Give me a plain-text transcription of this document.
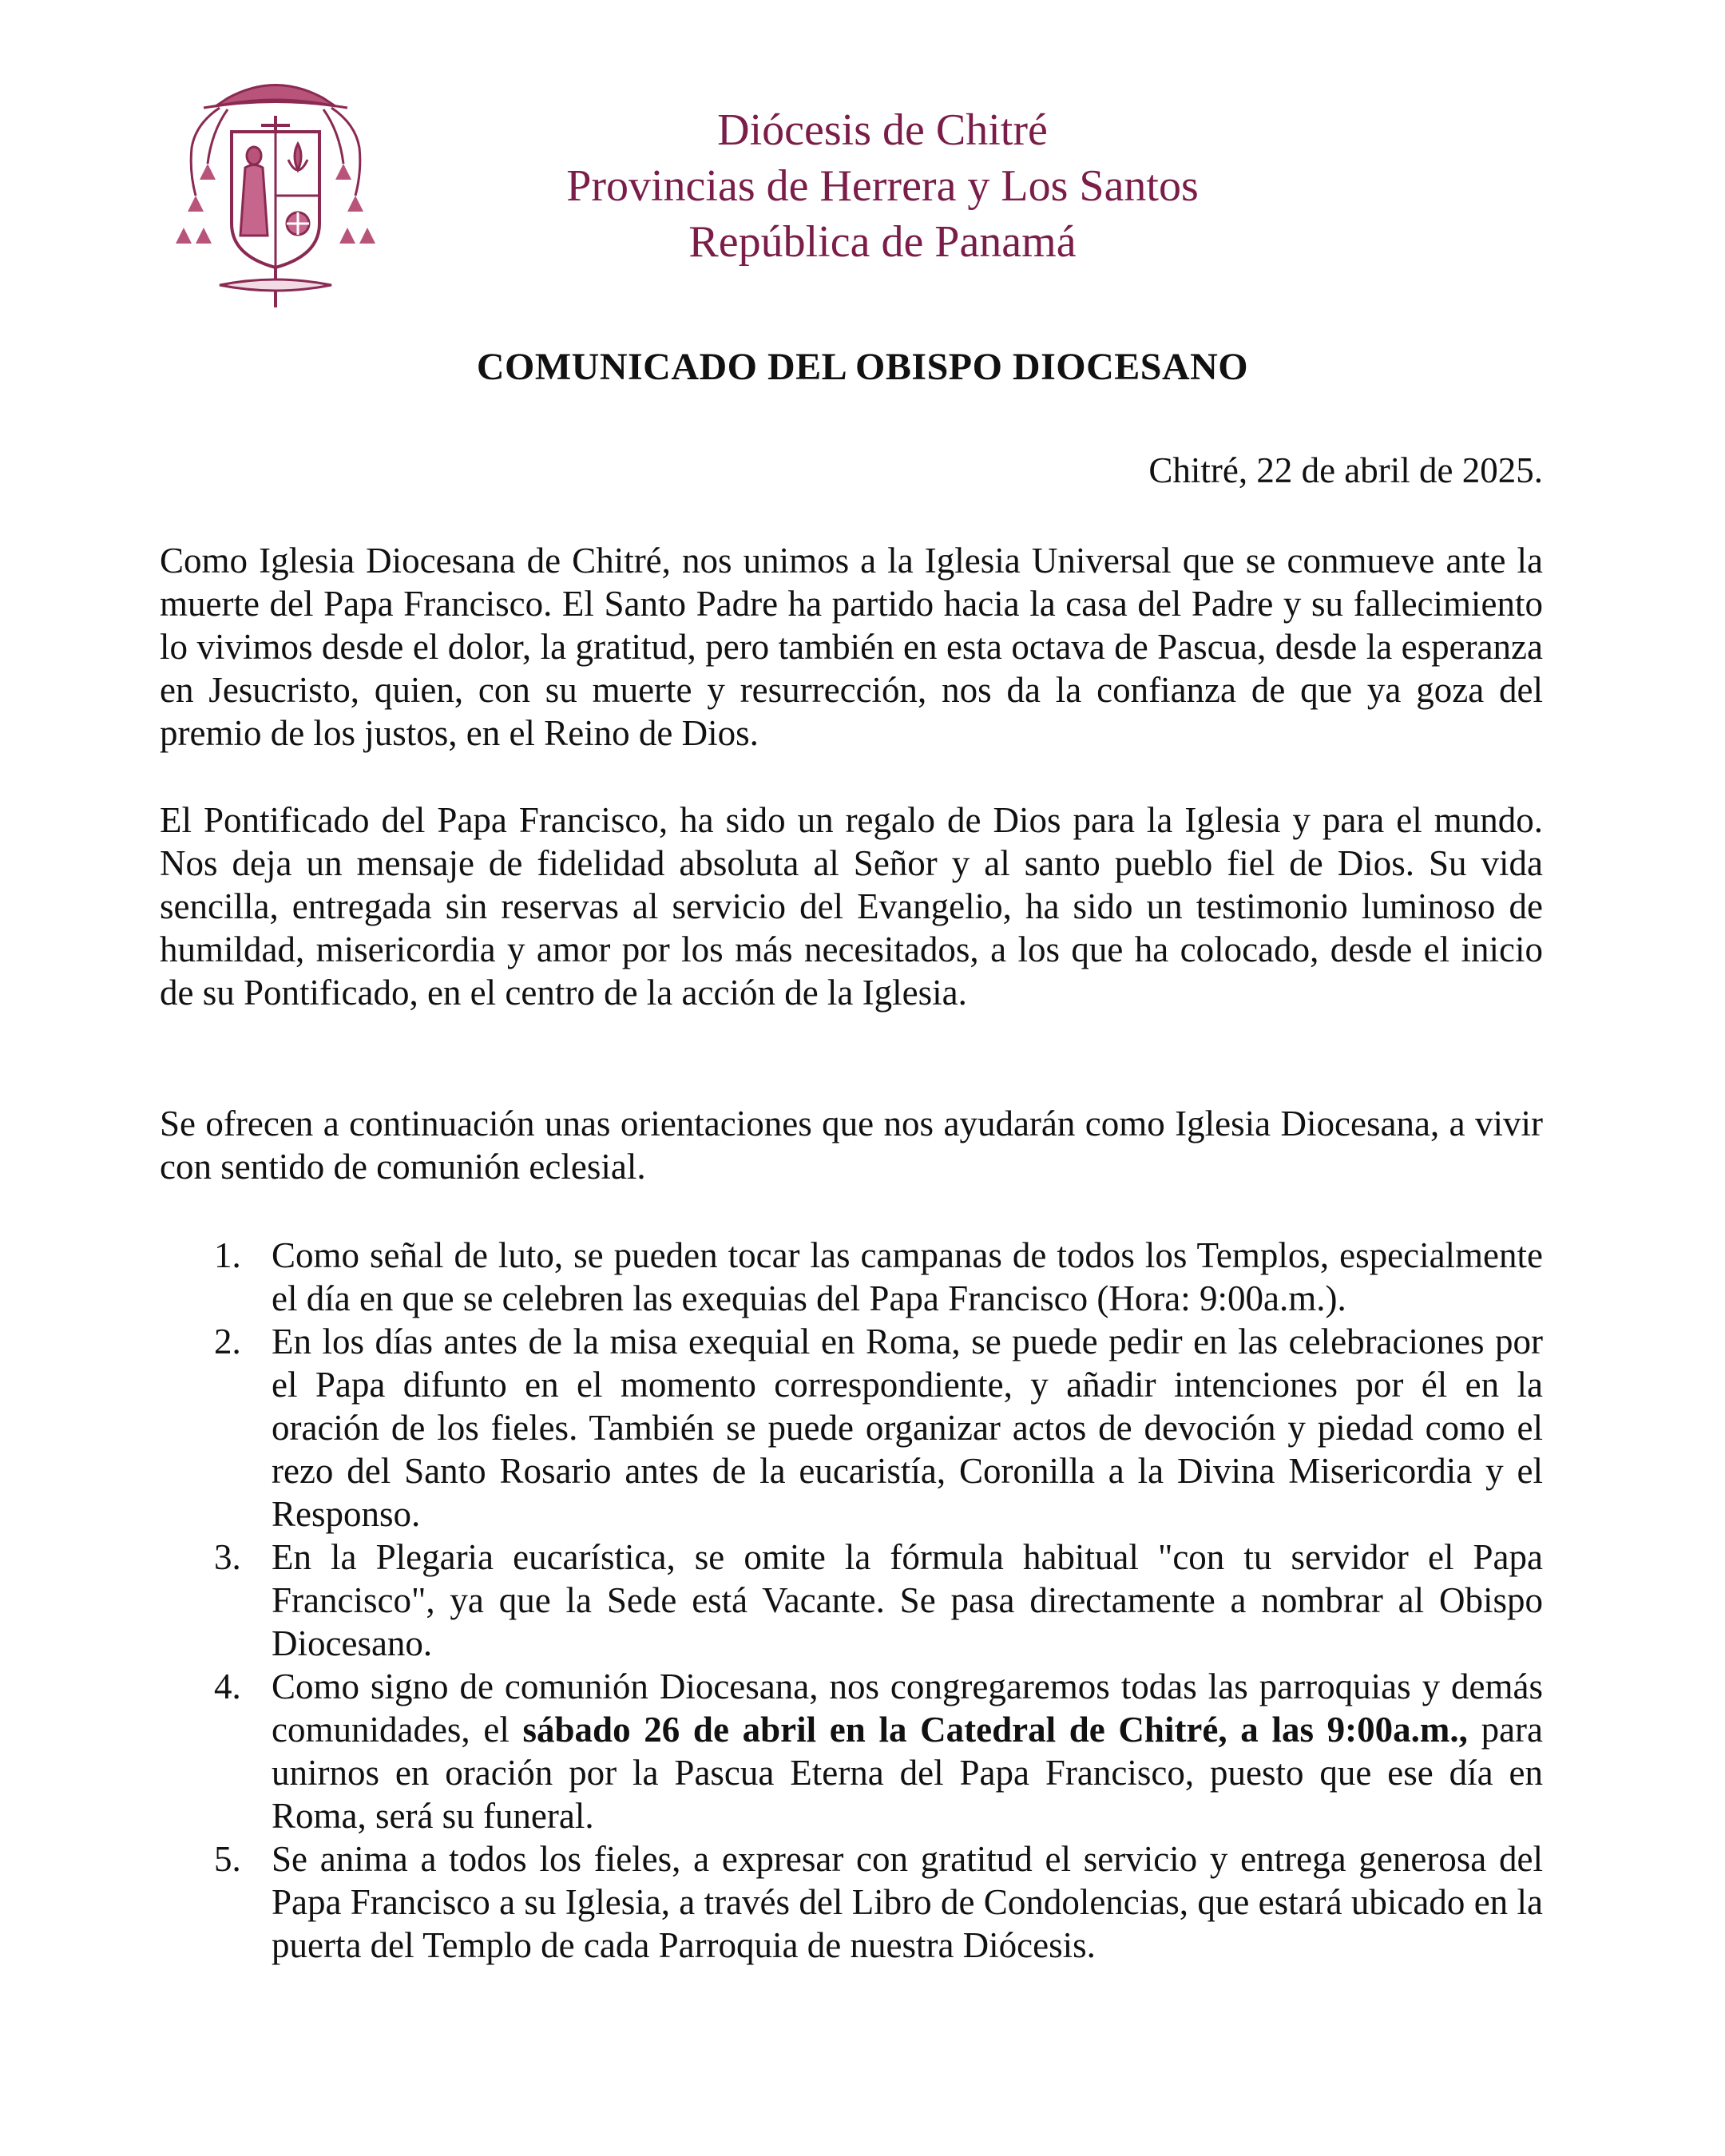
Diócesis de Chitré
Provincias de Herrera y Los Santos
República de Panamá
COMUNICADO DEL OBISPO DIOCESANO
Chitré, 22 de abril de 2025.

Como Iglesia Diocesana de Chitré, nos unimos a la Iglesia Universal que se conmueve ante la muerte del Papa Francisco. El Santo Padre ha partido hacia la casa del Padre y su fallecimiento lo vivimos desde el dolor, la gratitud, pero también en esta octava de Pascua, desde la esperanza en Jesucristo, quien, con su muerte y resurrección, nos da la confianza de que ya goza del premio de los justos, en el Reino de Dios.

El Pontificado del Papa Francisco, ha sido un regalo de Dios para la Iglesia y para el mundo. Nos deja un mensaje de fidelidad absoluta al Señor y al santo pueblo fiel de Dios. Su vida sencilla, entregada sin reservas al servicio del Evangelio, ha sido un testimonio luminoso de humildad, misericordia y amor por los más necesitados, a los que ha colocado, desde el inicio de su Pontificado, en el centro de la acción de la Iglesia.

Se ofrecen a continuación unas orientaciones que nos ayudarán como Iglesia Diocesana, a vivir con sentido de comunión eclesial.

1. Como señal de luto, se pueden tocar las campanas de todos los Templos, especialmente el día en que se celebren las exequias del Papa Francisco (Hora: 9:00a.m.).
2. En los días antes de la misa exequial en Roma, se puede pedir en las celebraciones por el Papa difunto en el momento correspondiente, y añadir intenciones por él en la oración de los fieles. También se puede organizar actos de devoción y piedad como el rezo del Santo Rosario antes de la eucaristía, Coronilla a la Divina Misericordia y el Responso.
3. En la Plegaria eucarística, se omite la fórmula habitual "con tu servidor el Papa Francisco", ya que la Sede está Vacante. Se pasa directamente a nombrar al Obispo Diocesano.
4. Como signo de comunión Diocesana, nos congregaremos todas las parroquias y demás comunidades, el sábado 26 de abril en la Catedral de Chitré, a las 9:00a.m., para unirnos en oración por la Pascua Eterna del Papa Francisco, puesto que ese día en Roma, será su funeral.
5. Se anima a todos los fieles, a expresar con gratitud el servicio y entrega generosa del Papa Francisco a su Iglesia, a través del Libro de Condolencias, que estará ubicado en la puerta del Templo de cada Parroquia de nuestra Diócesis.
